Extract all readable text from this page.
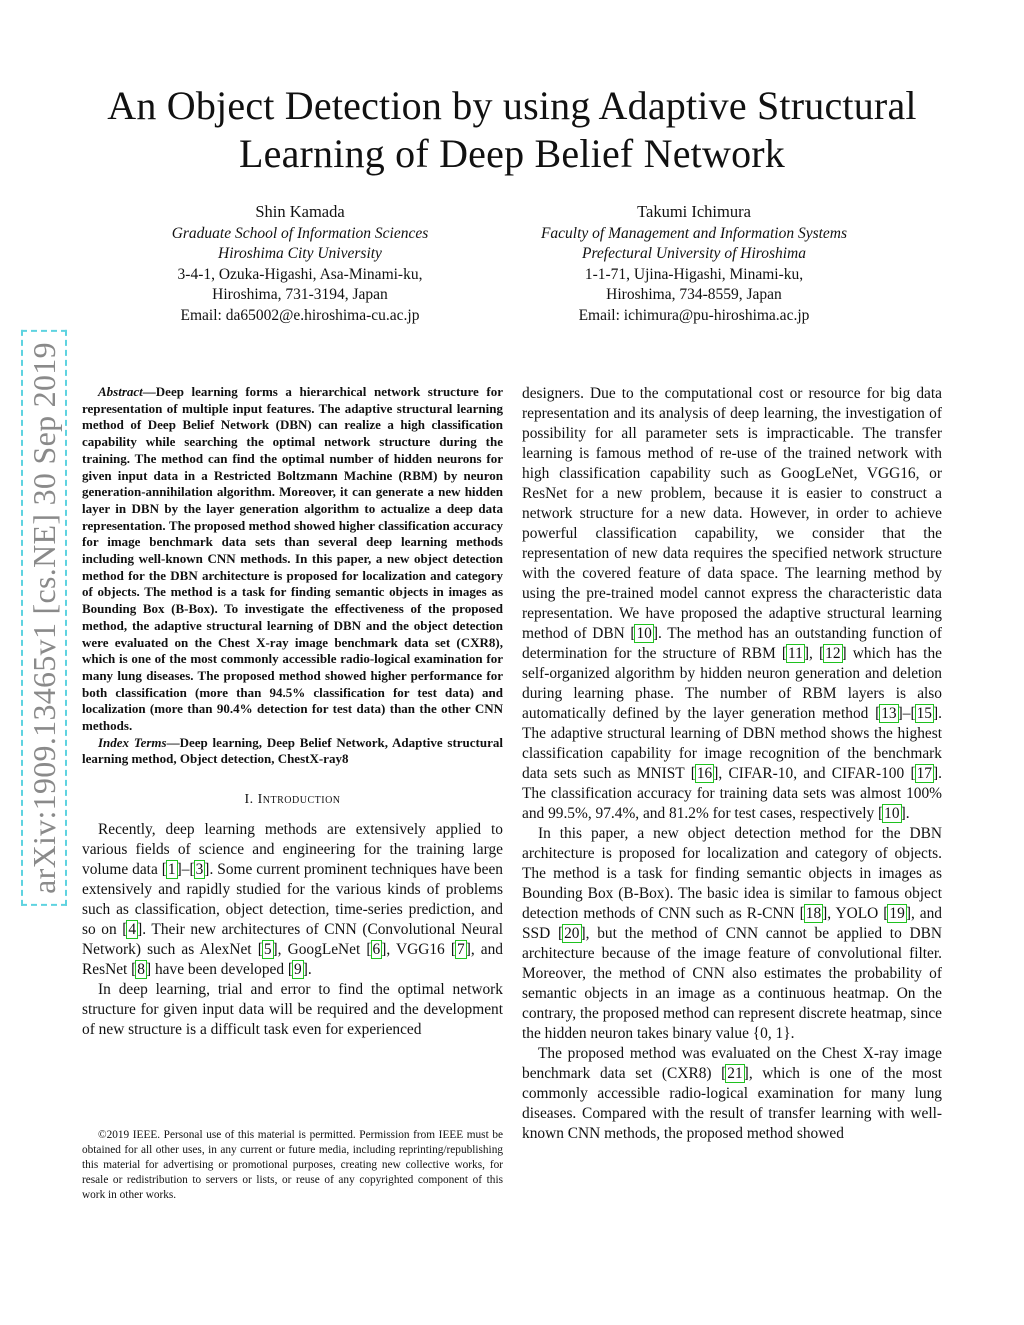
An Object Detection by using Adaptive Structural
Learning of Deep Belief Network
Shin Kamada
Graduate School of Information Sciences
Hiroshima City University
3-4-1, Ozuka-Higashi, Asa-Minami-ku,
Hiroshima, 731-3194, Japan
Email: da65002@e.hiroshima-cu.ac.jp
Takumi Ichimura
Faculty of Management and Information Systems
Prefectural University of Hiroshima
1-1-71, Ujina-Higashi, Minami-ku,
Hiroshima, 734-8559, Japan
Email: ichimura@pu-hiroshima.ac.jp
arXiv:1909.13465v1 [cs.NE] 30 Sep 2019	Abstract—Deep learning forms a hierarchical network structure for representation of multiple input features. The adaptive structural learning method of Deep Belief Network (DBN) can realize a high classification capability while searching the optimal network structure during the training. The method can find the optimal number of hidden neurons for given input data in a Restricted Boltzmann Machine (RBM) by neuron generation-annihilation algorithm. Moreover, it can generate a new hidden layer in DBN by the layer generation algorithm to actualize a deep data representation. The proposed method showed higher classification accuracy for image benchmark data sets than several deep learning methods including well-known CNN methods. In this paper, a new object detection method for the DBN architecture is proposed for localization and category of objects. The method is a task for finding semantic objects in images as Bounding Box (B-Box). To investigate the effectiveness of the proposed method, the adaptive structural learning of DBN and the object detection were evaluated on the Chest X-ray image benchmark data set (CXR8), which is one of the most commonly accessible radio-logical examination for many lung diseases. The proposed method showed higher performance for both classification (more than 94.5% classification for test data) and localization (more than 90.4% detection for test data) than the other CNN methods.

Index Terms—Deep learning, Deep Belief Network, Adaptive structural learning method, Object detection, ChestX-ray8

I. Introduction

Recently, deep learning methods are extensively applied to various fields of science and engineering for the training large volume data [1]–[3]. Some current prominent techniques have been extensively and rapidly studied for the various kinds of problems such as classification, object detection, time-series prediction, and so on [4]. Their new architectures of CNN (Convolutional Neural Network) such as AlexNet [5], GoogLeNet [6], VGG16 [7], and ResNet [8] have been developed [9].

In deep learning, trial and error to find the optimal network structure for given input data will be required and the development of new structure is a difficult task even for experienced

©2019 IEEE. Personal use of this material is permitted. Permission from IEEE must be obtained for all other uses, in any current or future media, including reprinting/republishing this material for advertising or promotional purposes, creating new collective works, for resale or redistribution to servers or lists, or reuse of any copyrighted component of this work in other works.

designers. Due to the computational cost or resource for big data representation and its analysis of deep learning, the investigation of possibility for all parameter sets is impracticable. The transfer learning is famous method of re-use of the trained network with high classification capability such as GoogLeNet, VGG16, or ResNet for a new problem, because it is easier to construct a network structure for a new data. However, in order to achieve powerful classification capability, we consider that the representation of new data requires the specified network structure with the covered feature of data space. The learning method by using the pre-trained model cannot express the characteristic data representation. We have proposed the adaptive structural learning method of DBN [10]. The method has an outstanding function of determination for the structure of RBM [11], [12] which has the self-organized algorithm by hidden neuron generation and deletion during learning phase. The number of RBM layers is also automatically defined by the layer generation method [13]–[15]. The adaptive structural learning of DBN method shows the highest classification capability for image recognition of the benchmark data sets such as MNIST [16], CIFAR-10, and CIFAR-100 [17]. The classification accuracy for training data sets was almost 100% and 99.5%, 97.4%, and 81.2% for test cases, respectively [10].

In this paper, a new object detection method for the DBN architecture is proposed for localization and category of objects. The method is a task for finding semantic objects in images as Bounding Box (B-Box). The basic idea is similar to famous object detection methods of CNN such as R-CNN [18], YOLO [19], and SSD [20], but the method of CNN cannot be applied to DBN architecture because of the image feature of convolutional filter. Moreover, the method of CNN also estimates the probability of semantic objects in an image as a continuous heatmap. On the contrary, the proposed method can represent discrete heatmap, since the hidden neuron takes binary value {0, 1}.

The proposed method was evaluated on the Chest X-ray image benchmark data set (CXR8) [21], which is one of the most commonly accessible radio-logical examination for many lung diseases. Compared with the result of transfer learning with well-known CNN methods, the proposed method showed
